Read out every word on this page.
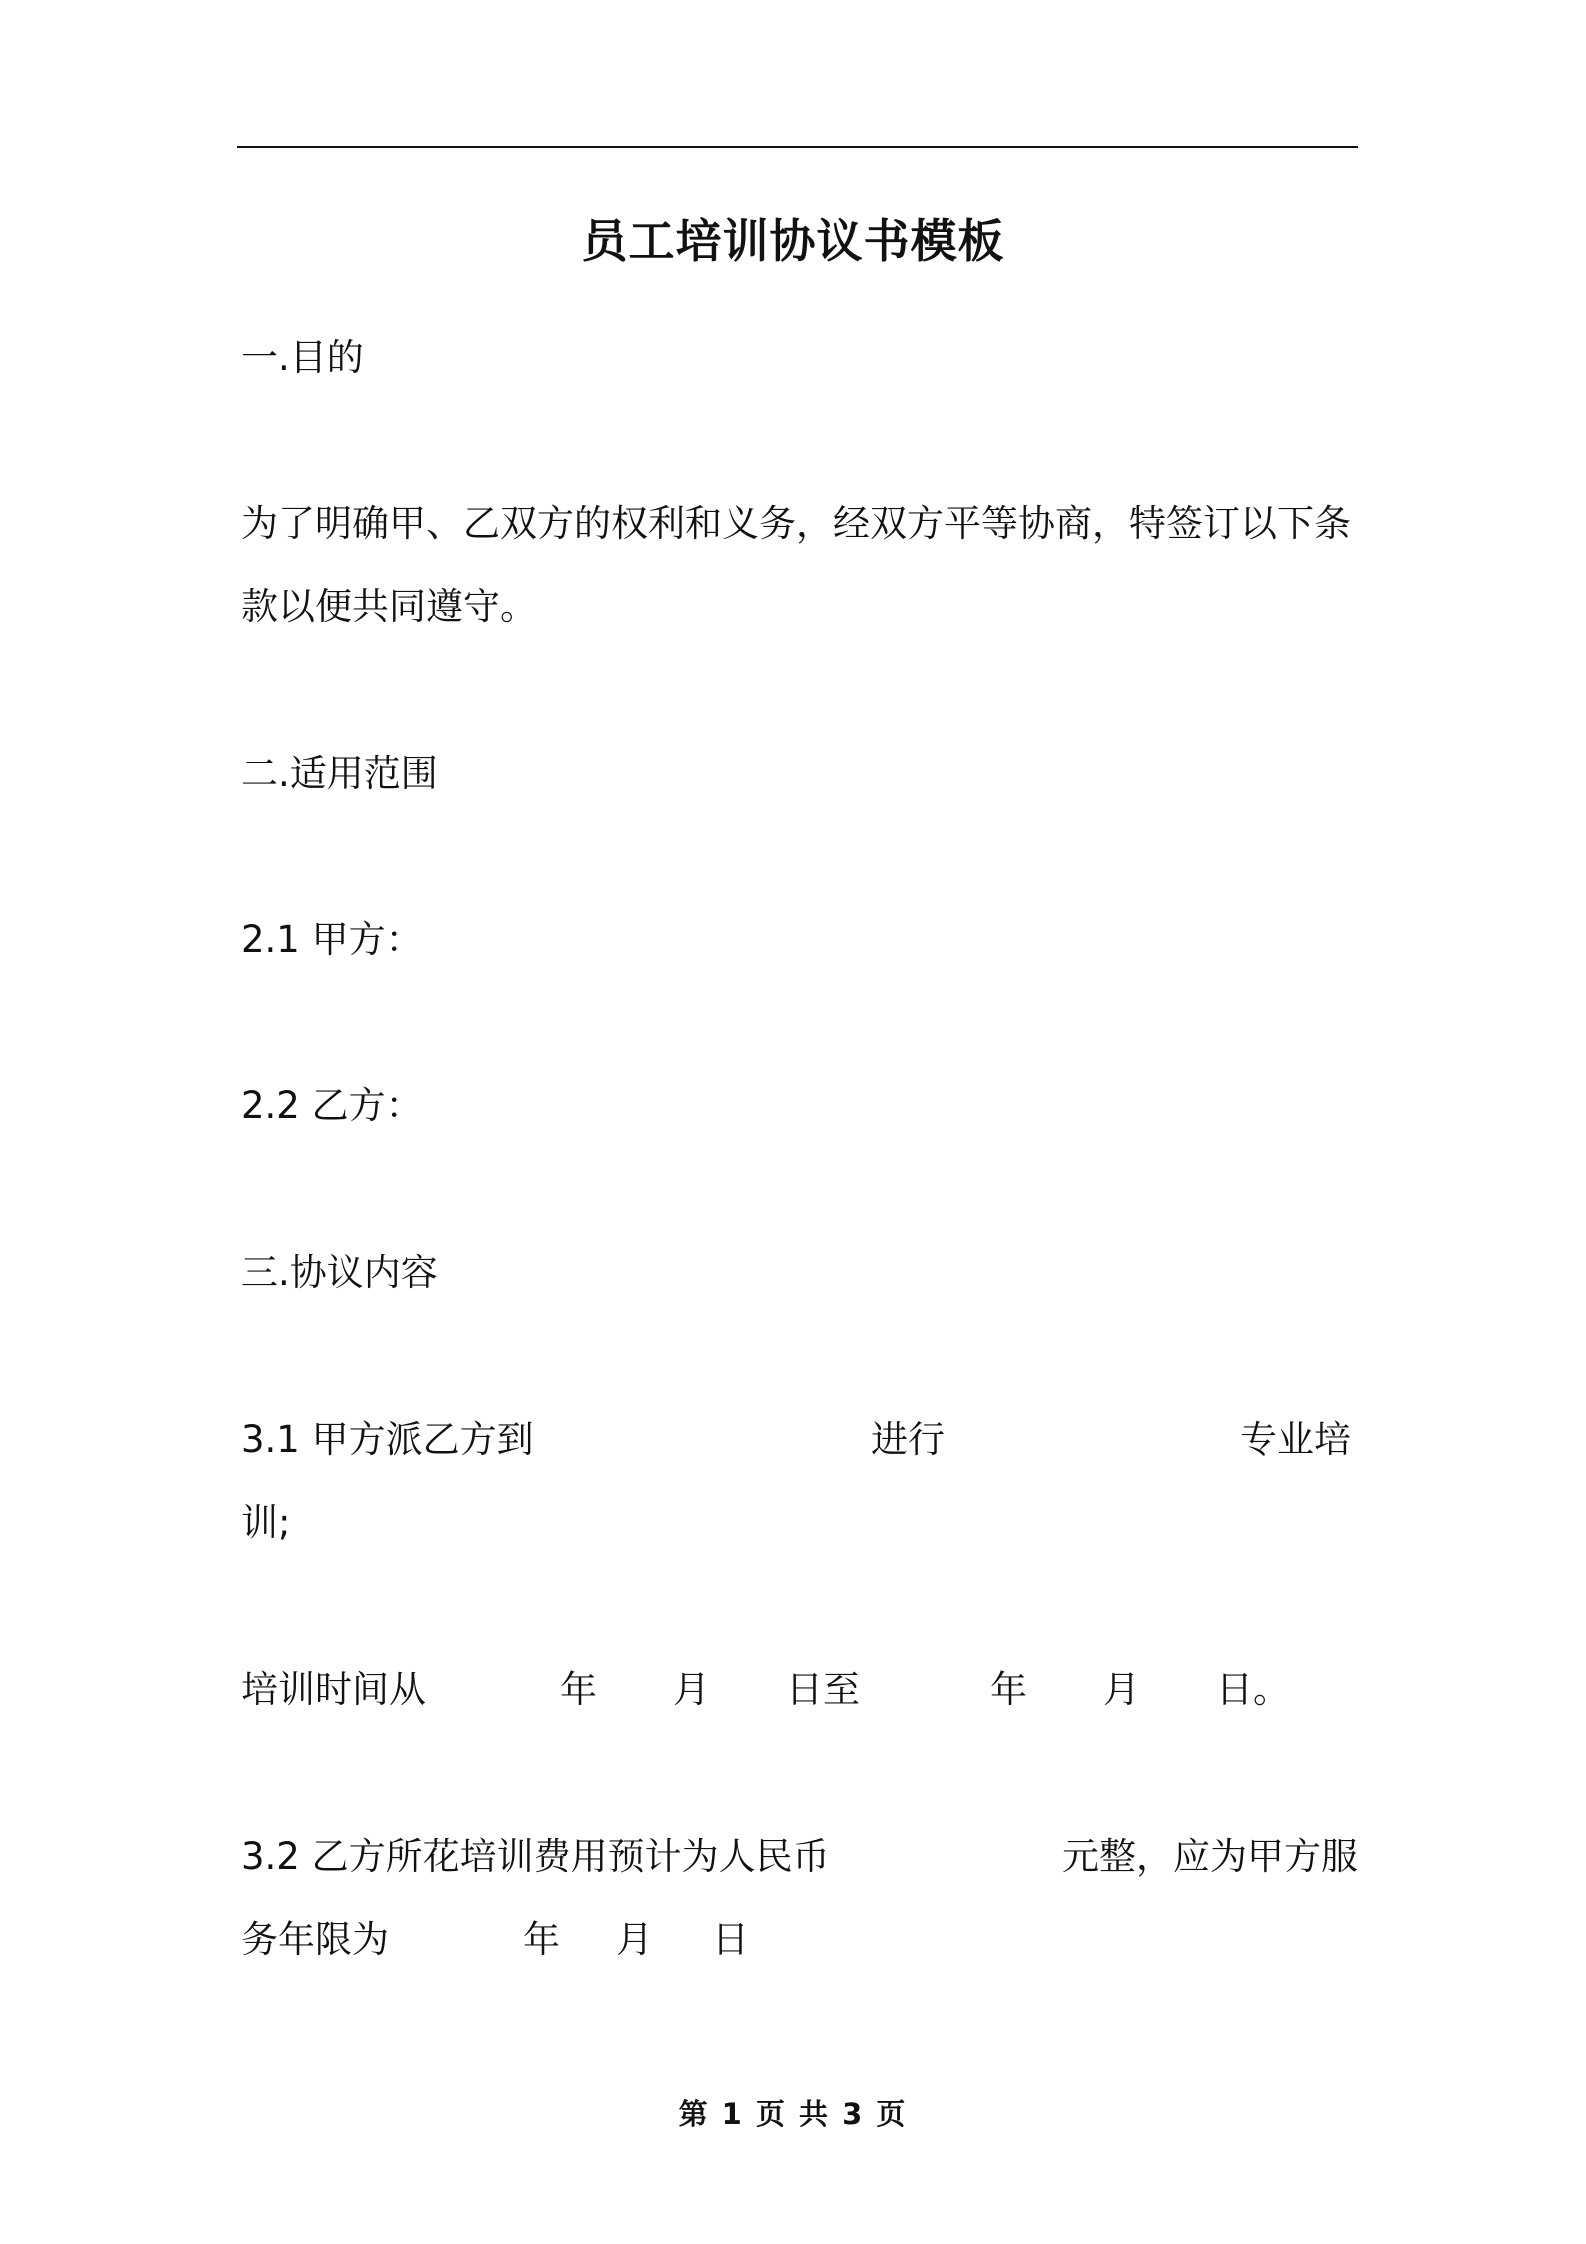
员工培训协议书模板
一.目的
为了明确甲、乙双方的权利和义务，经双方平等协商，特签订以下条
款以便共同遵守。
二.适用范围
2.1 甲方：
2.2 乙方：
三.协议内容
3.1 甲方派乙方到	进行	专业培
训;
培训时间从	年 月 日至	年 月 日。
3.2 乙方所花培训费用预计为人民币	元整，应为甲方服
务年限为	年 月 日
第 1 页 共 3 页
